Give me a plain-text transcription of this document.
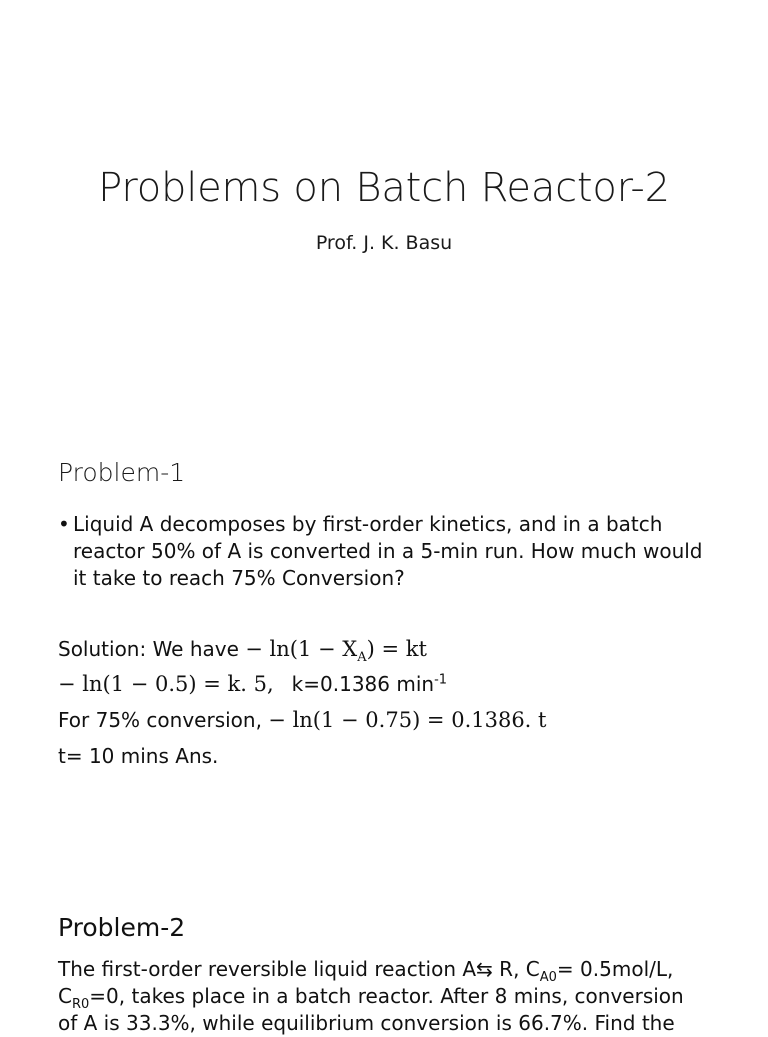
Problems on Batch Reactor-2
Prof. J. K. Basu
Problem-1
• Liquid A decomposes by first-order kinetics, and in a batch reactor 50% of A is converted in a 5-min run. How much would it take to reach 75% Conversion?
Solution: We have − $\ln(1 - X_A)$ = kt
− ln(1 − 0.5) = k. 5, k=0.1386 $\min^{-1}$
For 75% conversion, − ln(1 − 0.75) = 0.1386. t
t= 10 mins Ans.
Problem-2
The first-order reversible liquid reaction A⇆ R, $C_{A0}= 0.5mol/L$,
$C_{R0}=0$, takes place in a batch reactor. After 8 mins, conversion
of A is 33.3%, while equilibrium conversion is 66.7%. Find the
